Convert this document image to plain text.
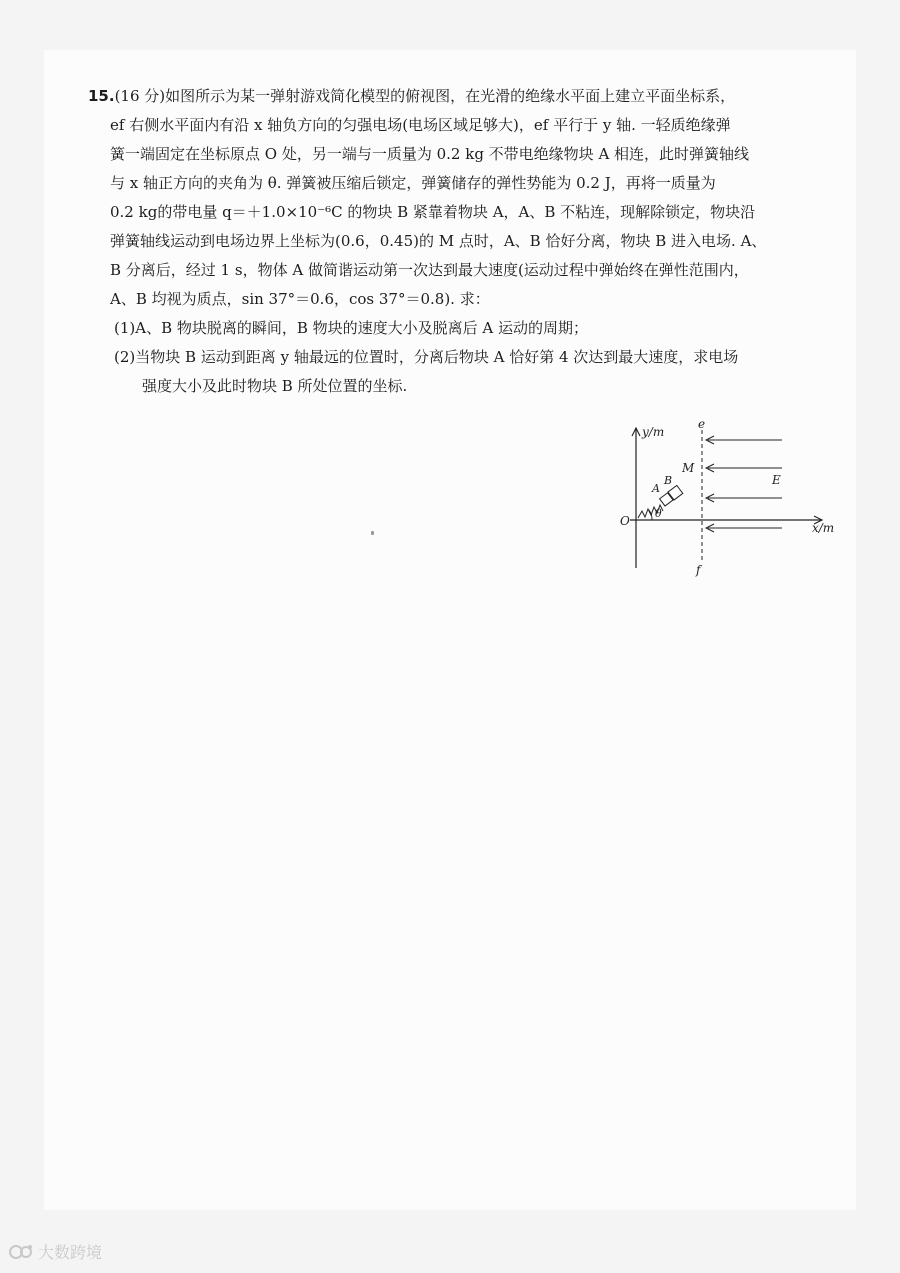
15.(16 分)如图所示为某一弹射游戏简化模型的俯视图，在光滑的绝缘水平面上建立平面坐标系，

ef 右侧水平面内有沿 x 轴负方向的匀强电场(电场区域足够大)，ef 平行于 y 轴. 一轻质绝缘弹

簧一端固定在坐标原点 O 处，另一端与一质量为 0.2 kg 不带电绝缘物块 A 相连，此时弹簧轴线

与 x 轴正方向的夹角为 θ. 弹簧被压缩后锁定，弹簧储存的弹性势能为 0.2 J，再将一质量为

0.2 kg的带电量 q＝＋1.0×10⁻⁶C 的物块 B 紧靠着物块 A，A、B 不粘连，现解除锁定，物块沿

弹簧轴线运动到电场边界上坐标为(0.6，0.45)的 M 点时，A、B 恰好分离，物块 B 进入电场. A、

B 分离后，经过 1 s，物体 A 做简谐运动第一次达到最大速度(运动过程中弹始终在弹性范围内，

A、B 均视为质点，sin 37°＝0.6，cos 37°＝0.8). 求：

(1)A、B 物块脱离的瞬间，B 物块的速度大小及脱离后 A 运动的周期；

(2)当物块 B 运动到距离 y 轴最远的位置时，分离后物块 A 恰好第 4 次达到最大速度，求电场

强度大小及此时物块 B 所处位置的坐标.

y/m
x/m
O
e
f
E
M
A
B
θ
大数跨境
